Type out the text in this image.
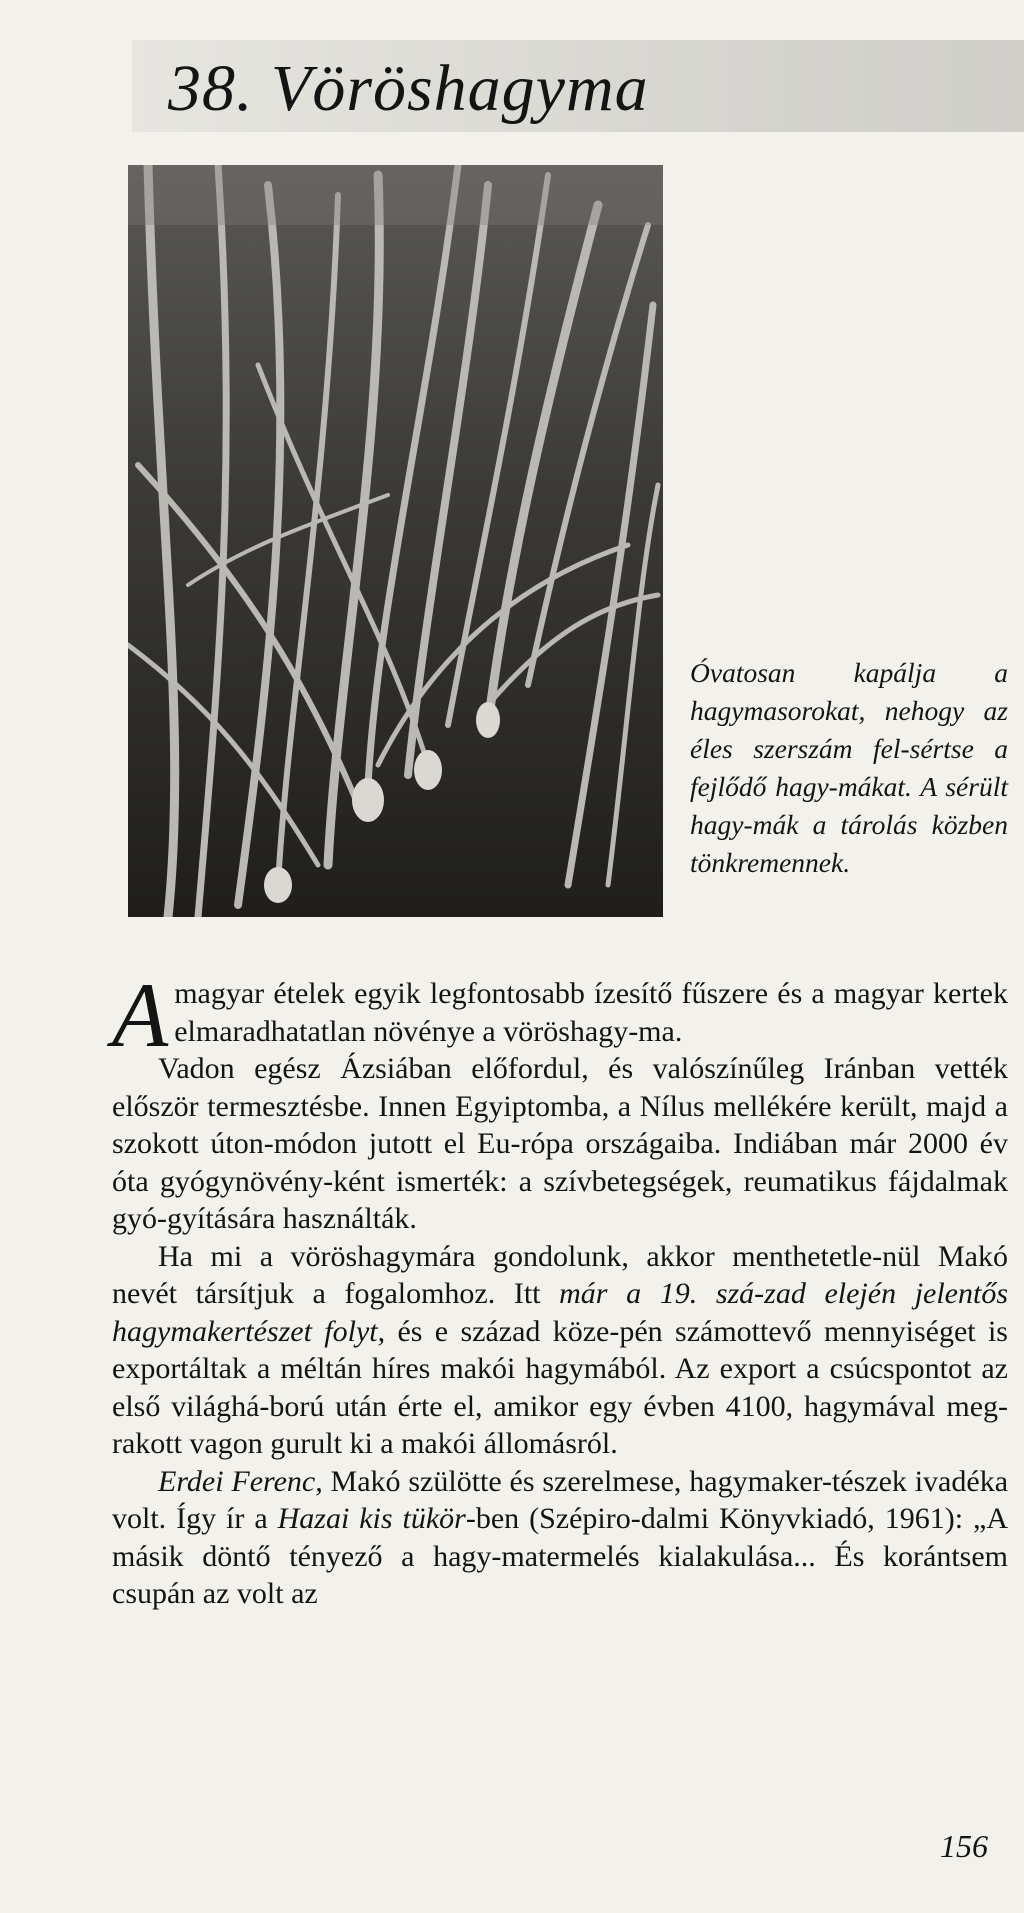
38. Vöröshagyma
Óvatosan kapálja a hagymasorokat, nehogy az éles szerszám fel-sértse a fejlődő hagy-mákat. A sérült hagy-mák a tárolás közben tönkremennek.

Amagyar ételek egyik legfontosabb ízesítő fűszere és a magyar kertek elmaradhatatlan növénye a vöröshagy-ma.

Vadon egész Ázsiában előfordul, és valószínűleg Iránban vették először termesztésbe. Innen Egyiptomba, a Nílus mellékére került, majd a szokott úton-módon jutott el Eu-rópa országaiba. Indiában már 2000 év óta gyógynövény-ként ismerték: a szívbetegségek, reumatikus fájdalmak gyó-gyítására használták.

Ha mi a vöröshagymára gondolunk, akkor menthetetle-nül Makó nevét társítjuk a fogalomhoz. Itt már a 19. szá-zad elején jelentős hagymakertészet folyt, és e század köze-pén számottevő mennyiséget is exportáltak a méltán híres makói hagymából. Az export a csúcspontot az első világhá-ború után érte el, amikor egy évben 4100, hagymával meg-rakott vagon gurult ki a makói állomásról.

Erdei Ferenc, Makó szülötte és szerelmese, hagymaker-tészek ivadéka volt. Így ír a Hazai kis tükör-ben (Szépiro-dalmi Könyvkiadó, 1961): „A másik döntő tényező a hagy-matermelés kialakulása... És korántsem csupán az volt az

156
